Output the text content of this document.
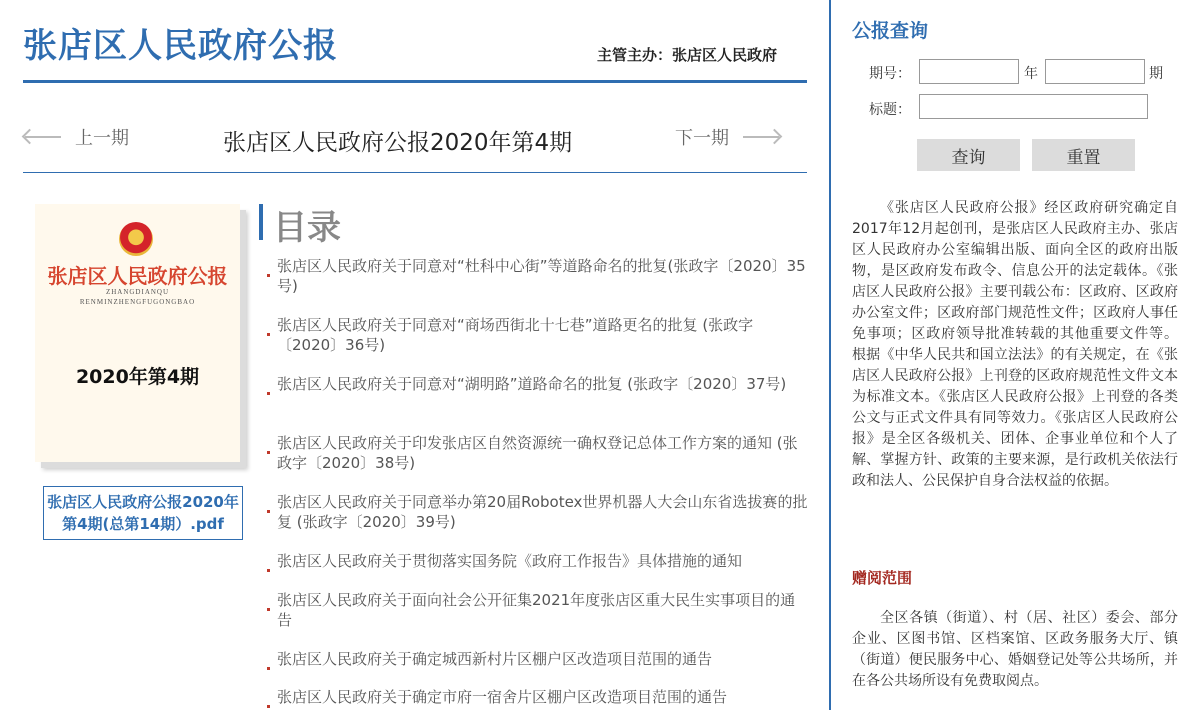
张店区人民政府公报	主管主办：张店区人民政府
上一期	张店区人民政府公报2020年第4期	下一期
张店区人民政府公报
ZHANGDIANQU
RENMINZHENGFUGONGBAO
2020年第4期
张店区人民政府公报2020年第4期(总第14期）.pdf
目录
张店区人民政府关于同意对“杜科中心街”等道路命名的批复(张政字〔2020〕35号)
张店区人民政府关于同意对“商场西街北十七巷”道路更名的批复 (张政字〔2020〕36号)
张店区人民政府关于同意对“湖明路”道路命名的批复 (张政字〔2020〕37号)
张店区人民政府关于印发张店区自然资源统一确权登记总体工作方案的通知 (张政字〔2020〕38号)
张店区人民政府关于同意举办第20届Robotex世界机器人大会山东省选拔赛的批复 (张政字〔2020〕39号)
张店区人民政府关于贯彻落实国务院《政府工作报告》具体措施的通知
张店区人民政府关于面向社会公开征集2021年度张店区重大民生实事项目的通告
张店区人民政府关于确定城西新村片区棚户区改造项目范围的通告
张店区人民政府关于确定市府一宿舍片区棚户区改造项目范围的通告
公报查询
期号：	年	期
标题：
查询	重置

《张店区人民政府公报》经区政府研究确定自2017年12月起创刊，是张店区人民政府主办、张店区人民政府办公室编辑出版、面向全区的政府出版物，是区政府发布政令、信息公开的法定载体。《张店区人民政府公报》主要刊载公布：区政府、区政府办公室文件；区政府部门规范性文件；区政府人事任免事项；区政府领导批准转载的其他重要文件等。 根据《中华人民共和国立法法》的有关规定，在《张店区人民政府公报》上刊登的区政府规范性文件文本为标准文本。《张店区人民政府公报》上刊登的各类公文与正式文件具有同等效力。《张店区人民政府公报》是全区各级机关、团体、企事业单位和个人了解、掌握方针、政策的主要来源，是行政机关依法行政和法人、公民保护自身合法权益的依据。

赠阅范围

全区各镇（街道）、村（居、社区）委会、部分企业、区图书馆、区档案馆、区政务服务大厅、镇（街道）便民服务中心、婚姻登记处等公共场所，并在各公共场所设有免费取阅点。
